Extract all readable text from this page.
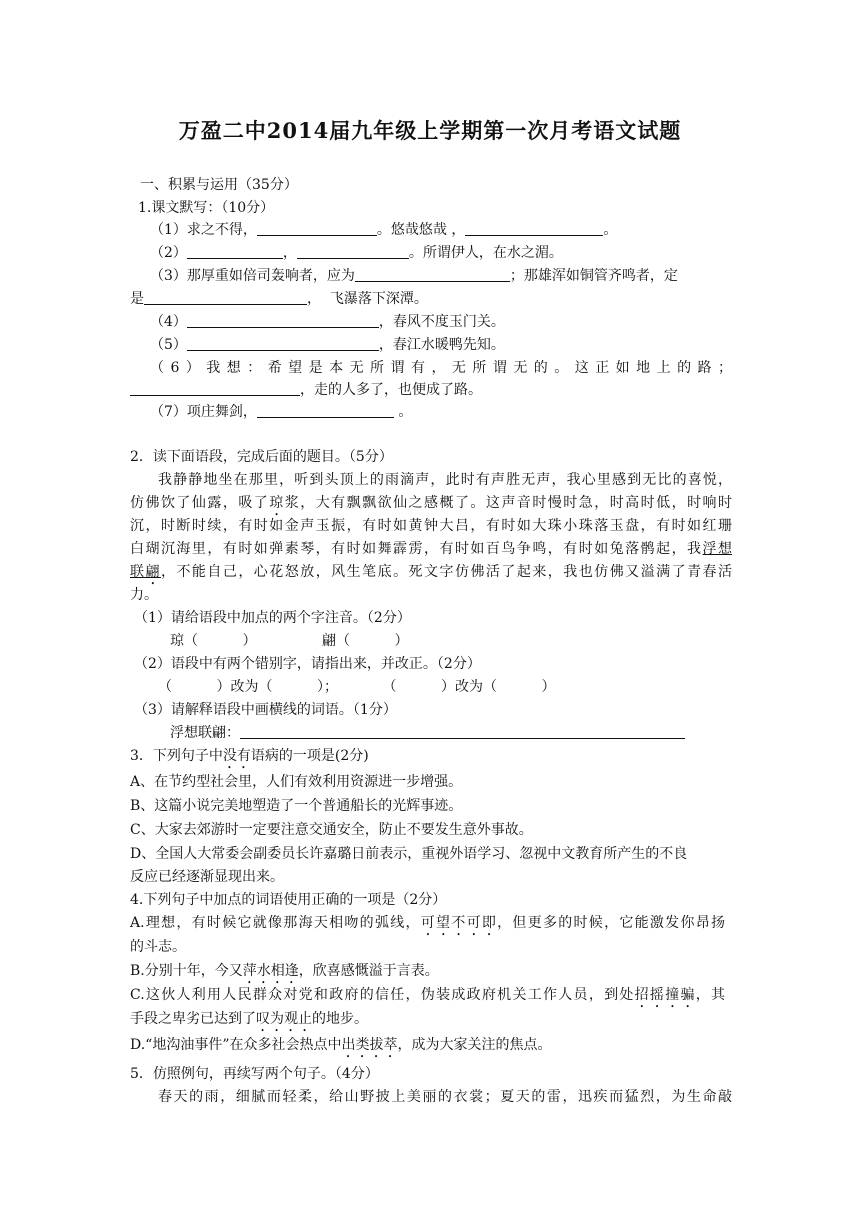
万盈二中2014届九年级上学期第一次月考语文试题
一、积累与运用（35分）
1.课文默写：（10分）
（1）求之不得，	。悠哉悠哉 ，	。
（2）	，	。所谓伊人，在水之湄。
（3）那厚重如倍司轰响者，应为	；那雄浑如铜管齐鸣者，定
是	，  飞瀑落下深潭。
（4）	，春风不度玉门关。
（5）	，春江水暖鸭先知。
（6）我想：希望是本无所谓有，无所谓无的。这正如地上的路；
，走的人多了，也便成了路。
（7）项庄舞剑，	。
2．读下面语段，完成后面的题目。（5分）
我静静地坐在那里，听到头顶上的雨滴声，此时有声胜无声，我心里感到无比的喜悦，
仿佛饮了仙露，吸了琼浆，大有飘飘欲仙之感概了。这声音时慢时急，时高时低，时响时
沉，时断时续，有时如金声玉振，有时如黄钟大吕，有时如大珠小珠落玉盘，有时如红珊
白瑚沉海里，有时如弹素琴，有时如舞霹雳，有时如百鸟争鸣，有时如兔落鹘起，我浮想
联翩，不能自己，心花怒放，风生笔底。死文字仿佛活了起来，我也仿佛又溢满了青春活
力。
（1）请给语段中加点的两个字注音。（2分）
琼（          ）	翩（          ）
（2）语段中有两个错别字，请指出来，并改正。（2分）
（          ）改为（          ）；          （          ）改为（          ）
（3）请解释语段中画横线的词语。（1分）
浮想联翩：
3．下列句子中没有语病的一项是(2分)
A、在节约型社会里，人们有效利用资源进一步增强。
B、这篇小说完美地塑造了一个普通船长的光辉事迹。
C、大家去郊游时一定要注意交通安全，防止不要发生意外事故。
D、全国人大常委会副委员长许嘉璐日前表示，重视外语学习、忽视中文教育所产生的不良
反应已经逐渐显现出来。
4.下列句子中加点的词语使用正确的一项是（2分）
A.理想，有时候它就像那海天相吻的弧线，可望不可即，但更多的时候，它能激发你昂扬
的斗志。
B.分别十年，今又萍水相逢，欣喜感慨溢于言表。
C.这伙人利用人民群众对党和政府的信任，伪装成政府机关工作人员，到处招摇撞骗，其
手段之卑劣已达到了叹为观止的地步。
D.“地沟油事件”在众多社会热点中出类拔萃，成为大家关注的焦点。
5．仿照例句，再续写两个句子。（4分）
春天的雨，细腻而轻柔，给山野披上美丽的衣裳；夏天的雷，迅疾而猛烈，为生命敲
